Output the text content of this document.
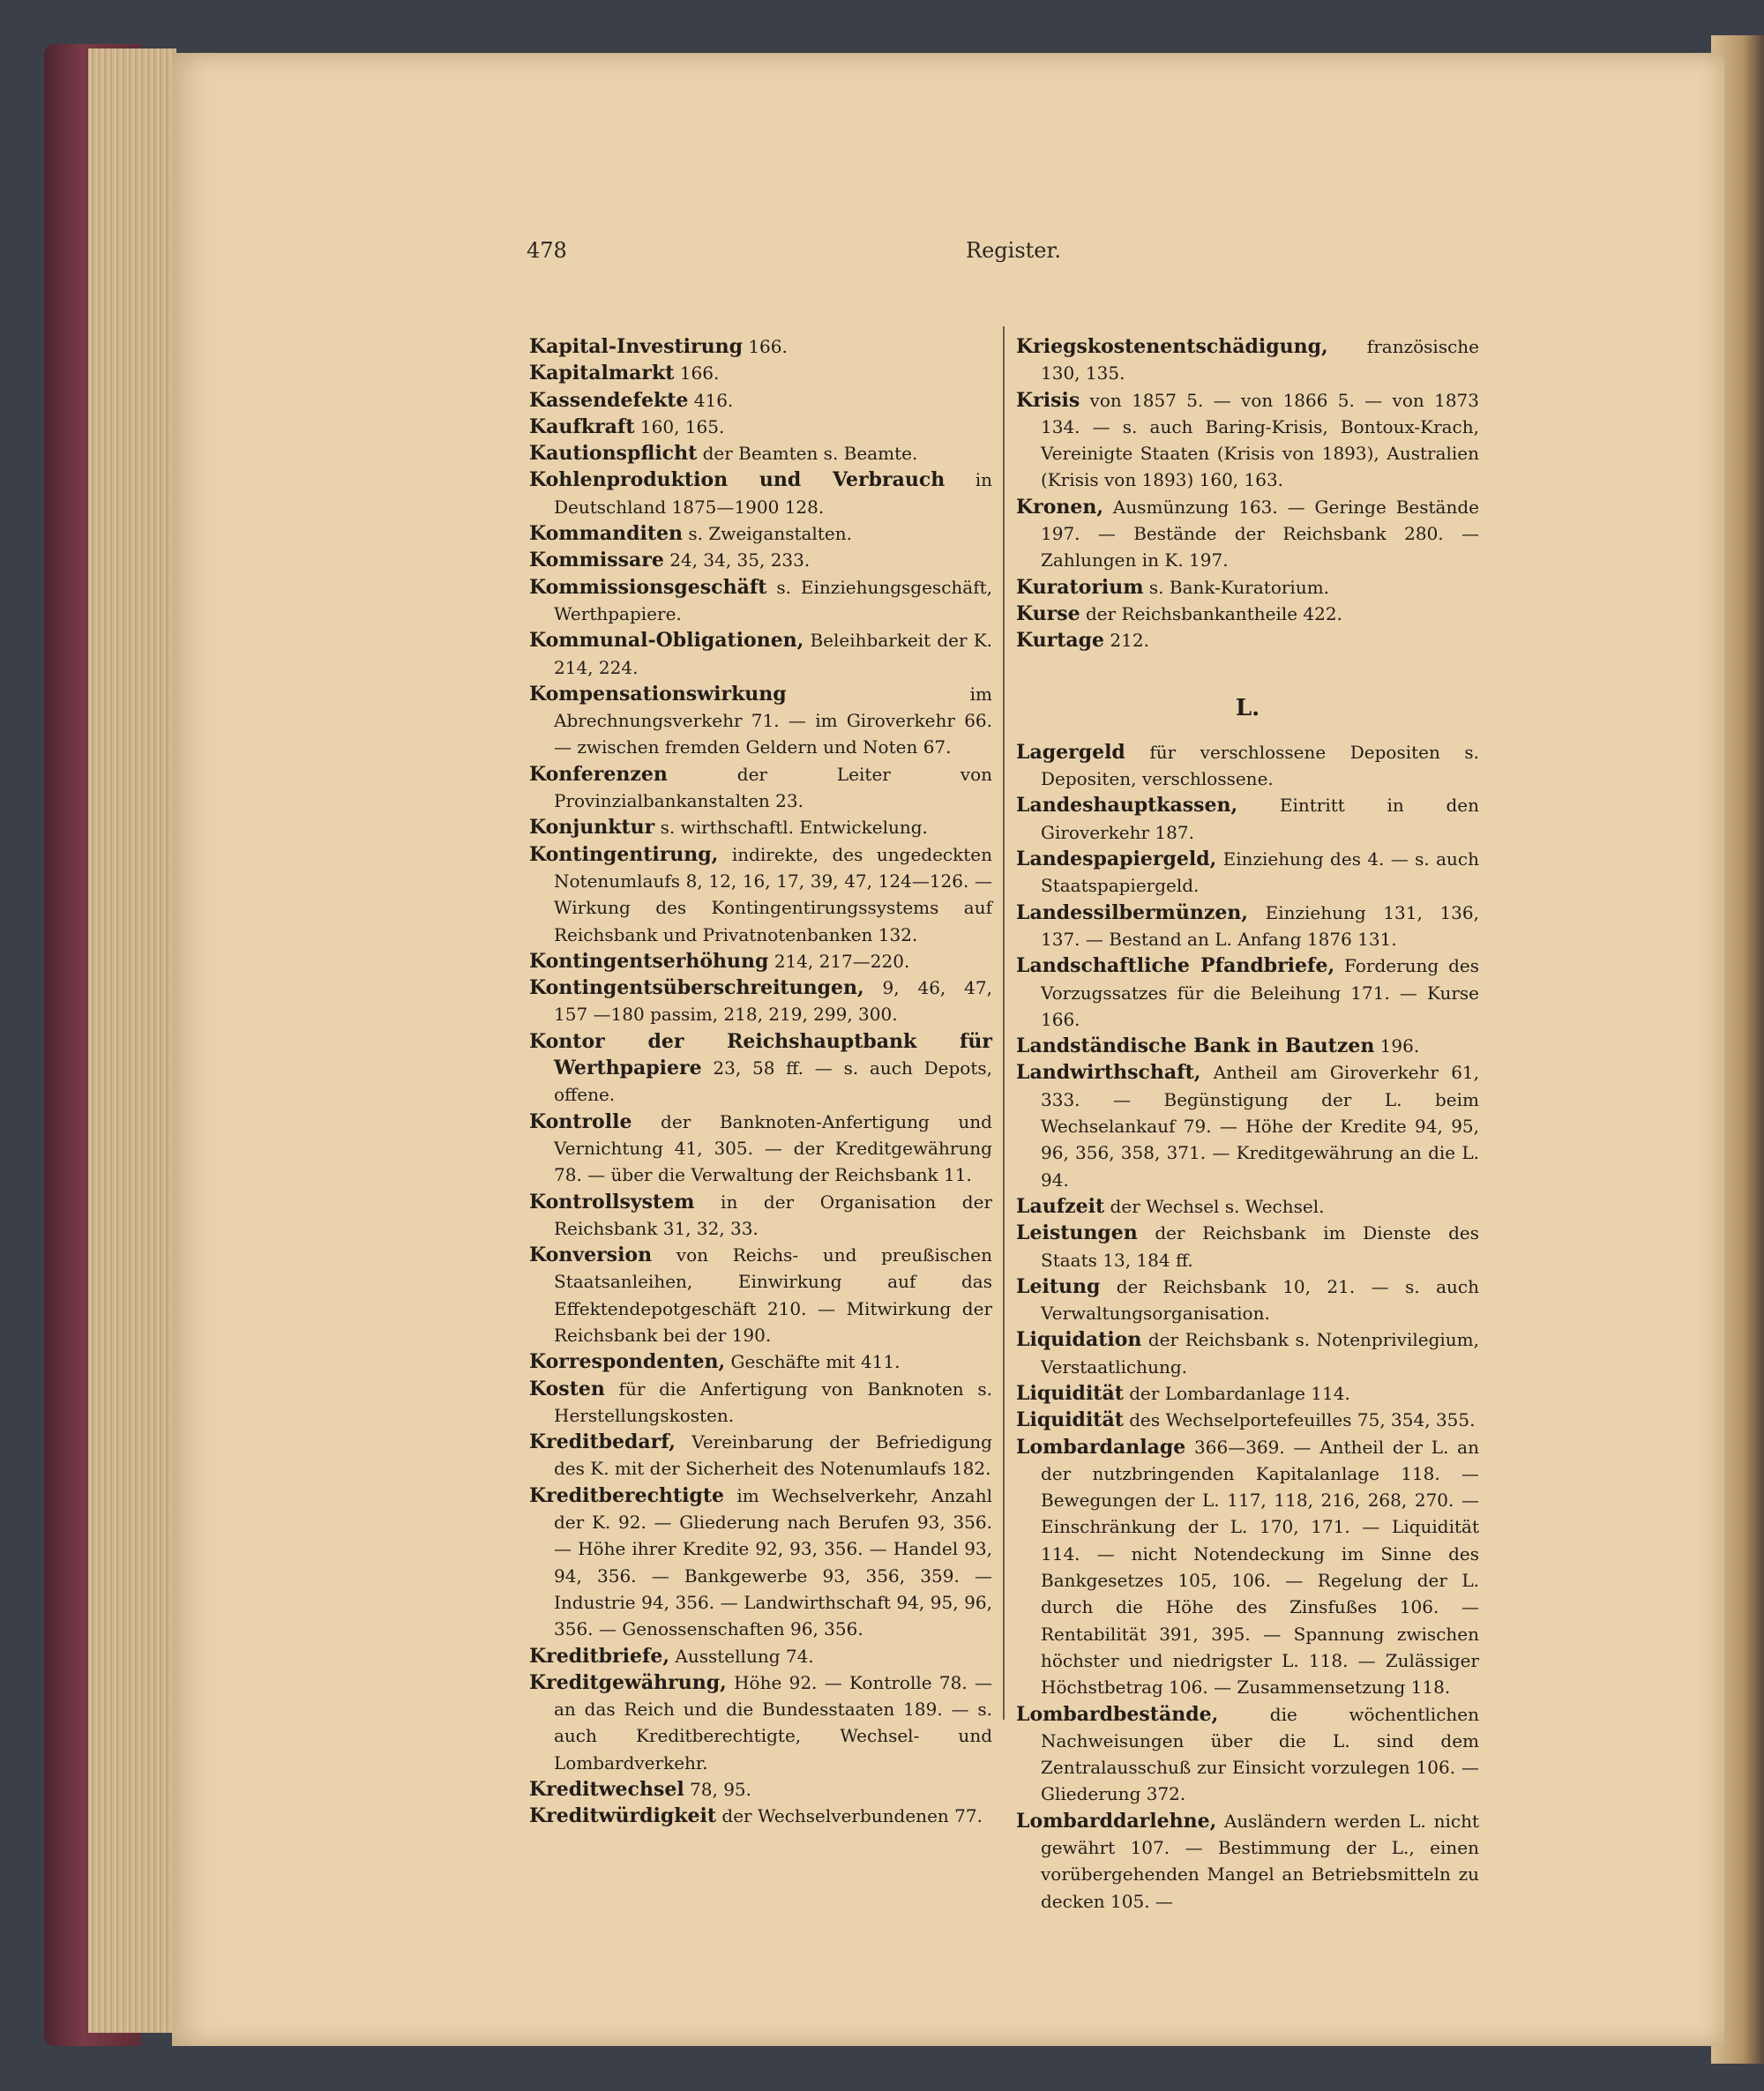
478	Register.

Kapital-Investirung 166.

Kapitalmarkt 166.

Kassendefekte 416.

Kaufkraft 160, 165.

Kautionspflicht der Beamten s. Beamte.

Kohlenproduktion und Verbrauch in Deutschland 1875—1900 128.

Kommanditen s. Zweiganstalten.

Kommissare 24, 34, 35, 233.

Kommissionsgeschäft s. Einziehungsgeschäft, Werthpapiere.

Kommunal-Obligationen, Beleihbarkeit der K. 214, 224.

Kompensationswirkung im Abrechnungsverkehr 71. — im Giroverkehr 66. — zwischen fremden Geldern und Noten 67.

Konferenzen der Leiter von Provinzialbankanstalten 23.

Konjunktur s. wirthschaftl. Entwickelung.

Kontingentirung, indirekte, des ungedeckten Notenumlaufs 8, 12, 16, 17, 39, 47, 124—126. — Wirkung des Kontingentirungssystems auf Reichsbank und Privatnotenbanken 132.

Kontingentserhöhung 214, 217—220.

Kontingentsüberschreitungen, 9, 46, 47, 157 —180 passim, 218, 219, 299, 300.

Kontor der Reichshauptbank für Werthpapiere 23, 58 ff. — s. auch Depots, offene.

Kontrolle der Banknoten-Anfertigung und Vernichtung 41, 305. — der Kreditgewährung 78. — über die Verwaltung der Reichsbank 11.

Kontrollsystem in der Organisation der Reichsbank 31, 32, 33.

Konversion von Reichs- und preußischen Staatsanleihen, Einwirkung auf das Effektendepotgeschäft 210. — Mitwirkung der Reichsbank bei der 190.

Korrespondenten, Geschäfte mit 411.

Kosten für die Anfertigung von Banknoten s. Herstellungskosten.

Kreditbedarf, Vereinbarung der Befriedigung des K. mit der Sicherheit des Notenumlaufs 182.

Kreditberechtigte im Wechselverkehr, Anzahl der K. 92. — Gliederung nach Berufen 93, 356. — Höhe ihrer Kredite 92, 93, 356. — Handel 93, 94, 356. — Bankgewerbe 93, 356, 359. — Industrie 94, 356. — Landwirthschaft 94, 95, 96, 356. — Genossenschaften 96, 356.

Kreditbriefe, Ausstellung 74.

Kreditgewährung, Höhe 92. — Kontrolle 78. — an das Reich und die Bundesstaaten 189. — s. auch Kreditberechtigte, Wechsel- und Lombardverkehr.

Kreditwechsel 78, 95.

Kreditwürdigkeit der Wechselverbundenen 77.

Kriegskostenentschädigung, französische 130, 135.

Krisis von 1857 5. — von 1866 5. — von 1873 134. — s. auch Baring-Krisis, Bontoux-Krach, Vereinigte Staaten (Krisis von 1893), Australien (Krisis von 1893) 160, 163.

Kronen, Ausmünzung 163. — Geringe Bestände 197. — Bestände der Reichsbank 280. — Zahlungen in K. 197.

Kuratorium s. Bank-Kuratorium.

Kurse der Reichsbankantheile 422.

Kurtage 212.

L.

Lagergeld für verschlossene Depositen s. Depositen, verschlossene.

Landeshauptkassen, Eintritt in den Giroverkehr 187.

Landespapiergeld, Einziehung des 4. — s. auch Staatspapiergeld.

Landessilbermünzen, Einziehung 131, 136, 137. — Bestand an L. Anfang 1876 131.

Landschaftliche Pfandbriefe, Forderung des Vorzugssatzes für die Beleihung 171. — Kurse 166.

Landständische Bank in Bautzen 196.

Landwirthschaft, Antheil am Giroverkehr 61, 333. — Begünstigung der L. beim Wechselankauf 79. — Höhe der Kredite 94, 95, 96, 356, 358, 371. — Kreditgewährung an die L. 94.

Laufzeit der Wechsel s. Wechsel.

Leistungen der Reichsbank im Dienste des Staats 13, 184 ff.

Leitung der Reichsbank 10, 21. — s. auch Verwaltungsorganisation.

Liquidation der Reichsbank s. Notenprivilegium, Verstaatlichung.

Liquidität der Lombardanlage 114.

Liquidität des Wechselportefeuilles 75, 354, 355.

Lombardanlage 366—369. — Antheil der L. an der nutzbringenden Kapitalanlage 118. — Bewegungen der L. 117, 118, 216, 268, 270. — Einschränkung der L. 170, 171. — Liquidität 114. — nicht Notendeckung im Sinne des Bankgesetzes 105, 106. — Regelung der L. durch die Höhe des Zinsfußes 106. — Rentabilität 391, 395. — Spannung zwischen höchster und niedrigster L. 118. — Zulässiger Höchstbetrag 106. — Zusammensetzung 118.

Lombardbestände, die wöchentlichen Nachweisungen über die L. sind dem Zentralausschuß zur Einsicht vorzulegen 106. — Gliederung 372.

Lombarddarlehne, Ausländern werden L. nicht gewährt 107. — Bestimmung der L., einen vorübergehenden Mangel an Betriebsmitteln zu decken 105. —
